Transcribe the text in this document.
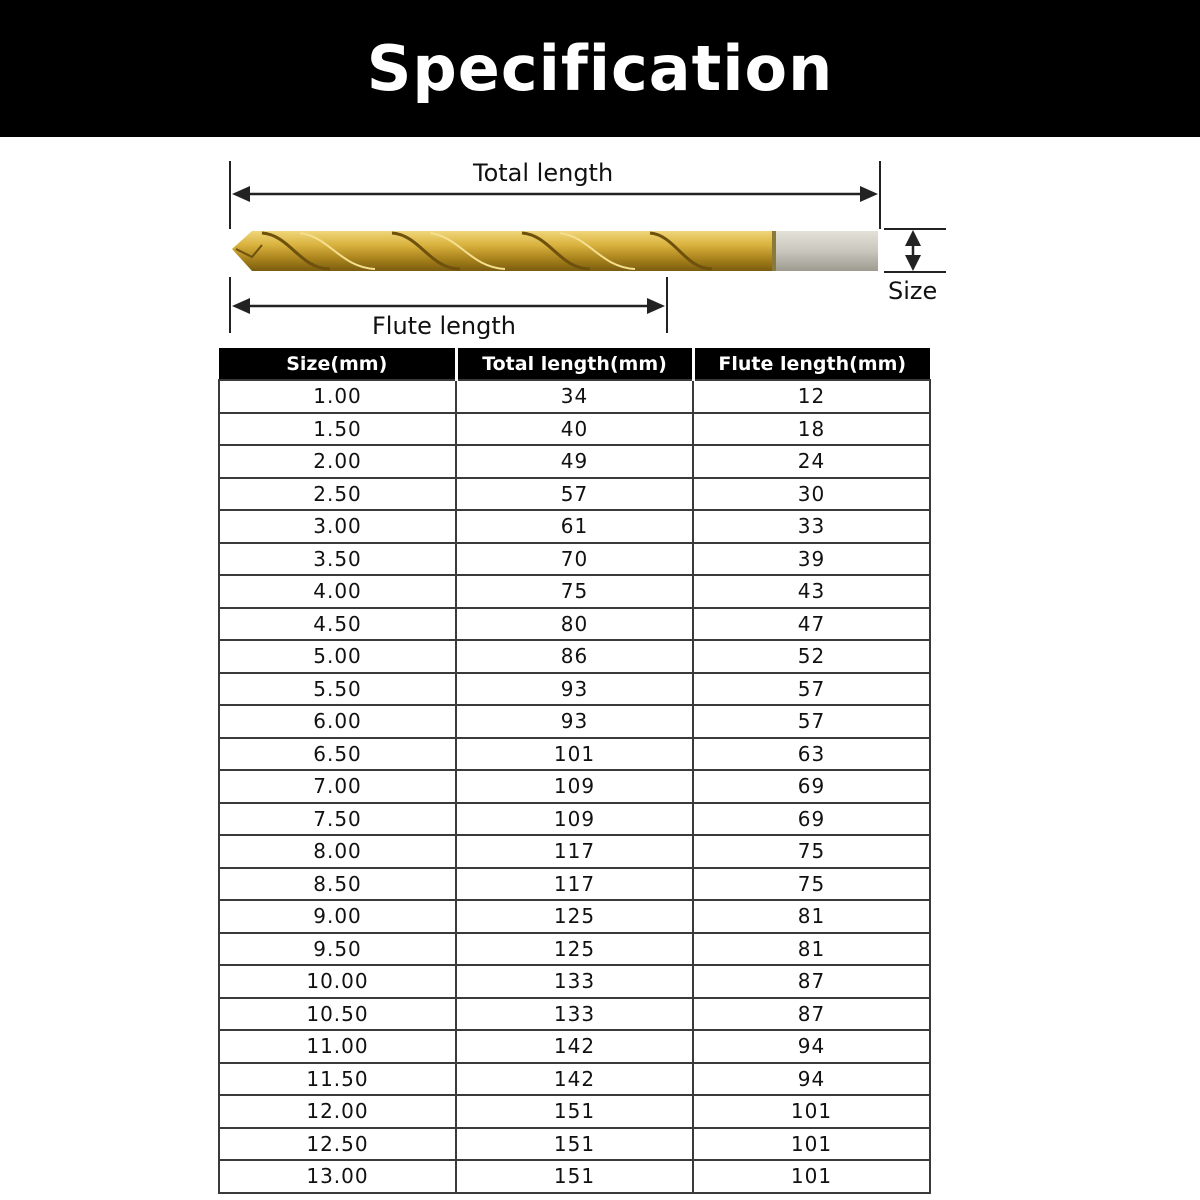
Specification
Total length
Size
Flute length
Size(mm)	Total length(mm)	Flute length(mm)
1.00	34	12
1.50	40	18
2.00	49	24
2.50	57	30
3.00	61	33
3.50	70	39
4.00	75	43
4.50	80	47
5.00	86	52
5.50	93	57
6.00	93	57
6.50	101	63
7.00	109	69
7.50	109	69
8.00	117	75
8.50	117	75
9.00	125	81
9.50	125	81
10.00	133	87
10.50	133	87
11.00	142	94
11.50	142	94
12.00	151	101
12.50	151	101
13.00	151	101
